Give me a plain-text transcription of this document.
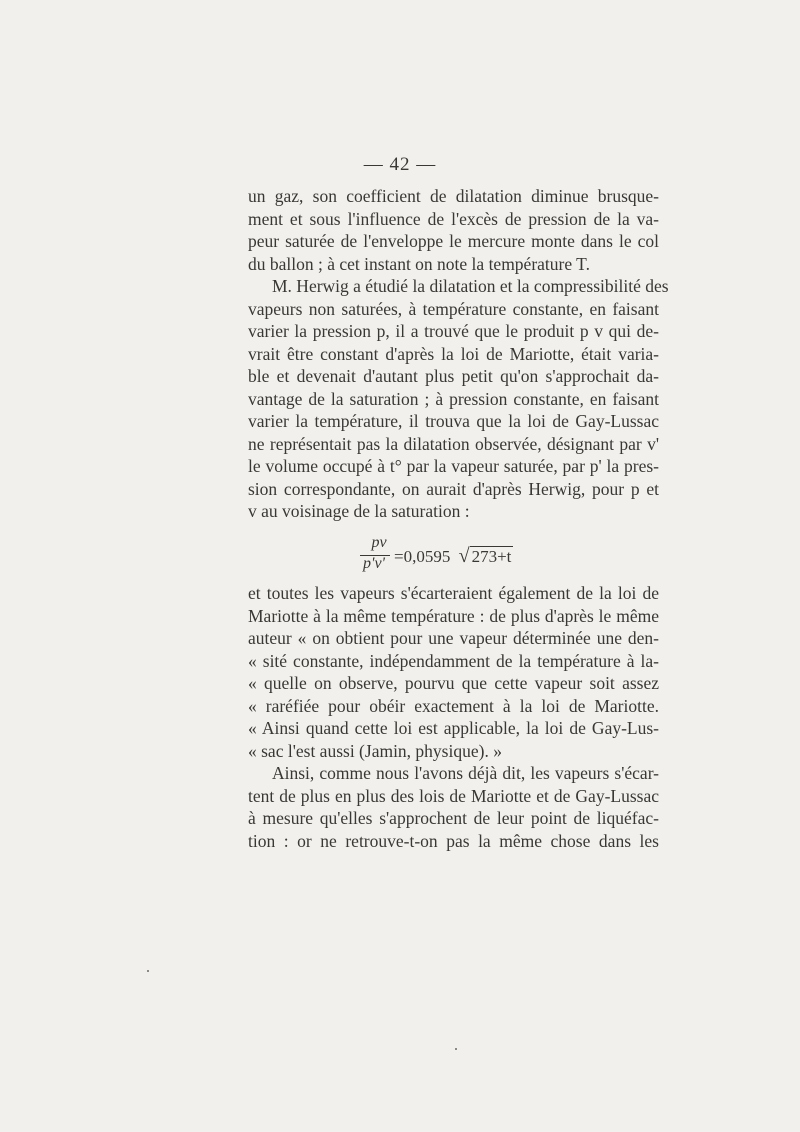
— 42 —
un gaz, son coefficient de dilatation diminue brusque-
ment et sous l'influence de l'excès de pression de la va-
peur saturée de l'enveloppe le mercure monte dans le col
du ballon ; à cet instant on note la température T.
M. Herwig a étudié la dilatation et la compressibilité des
vapeurs non saturées, à température constante, en faisant
varier la pression p, il a trouvé que le produit p v qui de-
vrait être constant d'après la loi de Mariotte, était varia-
ble et devenait d'autant plus petit qu'on s'approchait da-
vantage de la saturation ; à pression constante, en faisant
varier la température, il trouva que la loi de Gay-Lussac
ne représentait pas la dilatation observée, désignant par v'
le volume occupé à t° par la vapeur saturée, par p' la pres-
sion correspondante, on aurait d'après Herwig, pour p et
v au voisinage de la saturation :
pv
p'v' =0,0595 √ 273+t
et toutes les vapeurs s'écarteraient également de la loi de
Mariotte à la même température : de plus d'après le même
auteur « on obtient pour une vapeur déterminée une den-
« sité constante, indépendamment de la température à la-
« quelle on observe, pourvu que cette vapeur soit assez
« raréfiée pour obéir exactement à la loi de Mariotte.
« Ainsi quand cette loi est applicable, la loi de Gay-Lus-
« sac l'est aussi (Jamin, physique). »
Ainsi, comme nous l'avons déjà dit, les vapeurs s'écar-
tent de plus en plus des lois de Mariotte et de Gay-Lussac
à mesure qu'elles s'approchent de leur point de liquéfac-
tion : or ne retrouve-t-on pas la même chose dans les
